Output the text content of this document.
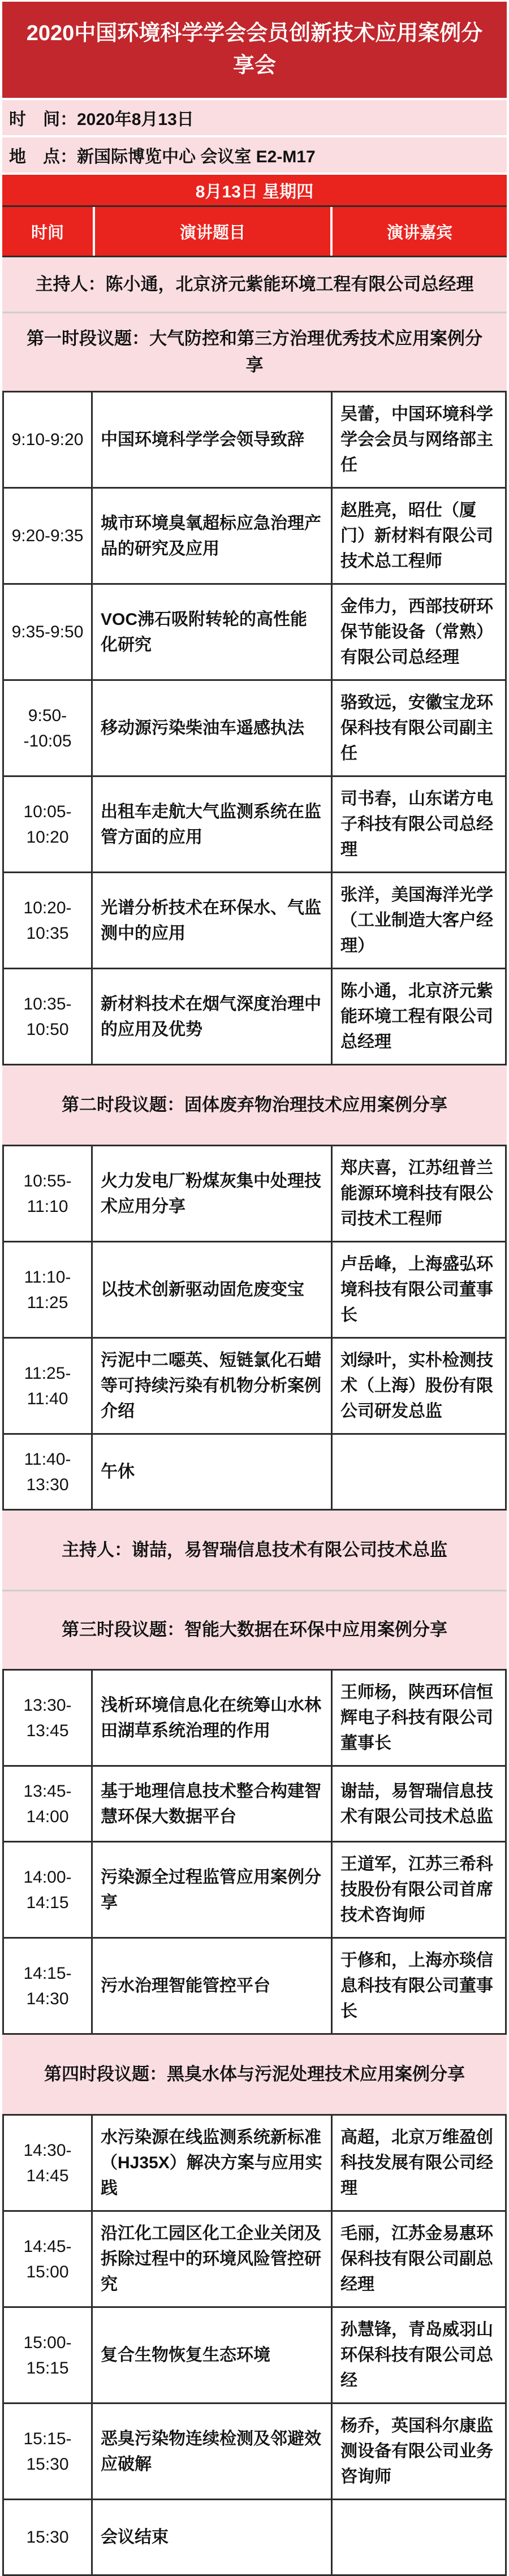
2020中国环境科学学会会员创新技术应用案例分享会
时　间：2020年8月13日
地　点：新国际博览中心 会议室 E2-M17
8月13日 星期四
时间	演讲题目	演讲嘉宾
主持人：陈小通，北京济元紫能环境工程有限公司总经理
第一时段议题：大气防控和第三方治理优秀技术应用案例分享
9:10-9:20 中国环境科学学会领导致辞
吴蕾，中国环境科学学会会员与网络部主任
9:20-9:35
城市环境臭氧超标应急治理产品的研究及应用
赵胜亮，昭仕（厦门）新材料有限公司技术总工程师
9:35-9:50
VOC沸石吸附转轮的高性能化研究
金伟力，西部技研环保节能设备（常熟）有限公司总经理
9:50--10:05
移动源污染柴油车遥感执法
骆致远，安徽宝龙环保科技有限公司副主任
10:05-10:20
出租车走航大气监测系统在监管方面的应用
司书春，山东诺方电子科技有限公司总经理
10:20-10:35
光谱分析技术在环保水、气监测中的应用
张洋，美国海洋光学（工业制造大客户经理）
10:35-10:50
新材料技术在烟气深度治理中的应用及优势
陈小通，北京济元紫能环境工程有限公司总经理
第二时段议题：固体废弃物治理技术应用案例分享
10:55-11:10
火力发电厂粉煤灰集中处理技术应用分享
郑庆喜，江苏纽普兰能源环境科技有限公司技术工程师
11:10-11:25
以技术创新驱动固危废变宝
卢岳峰，上海盛弘环境科技有限公司董事长
11:25-11:40
污泥中二噁英、短链氯化石蜡等可持续污染有机物分析案例介绍
刘绿叶，实朴检测技术（上海）股份有限公司研发总监
11:40-13:30
午休
主持人：谢喆，易智瑞信息技术有限公司技术总监
第三时段议题：智能大数据在环保中应用案例分享
13:30-13:45
浅析环境信息化在统筹山水林田湖草系统治理的作用
王师杨，陕西环信恒辉电子科技有限公司董事长
13:45-14:00
基于地理信息技术整合构建智慧环保大数据平台
谢喆，易智瑞信息技术有限公司技术总监
14:00-14:15
污染源全过程监管应用案例分享
王道军，江苏三希科技股份有限公司首席技术咨询师
14:15-14:30
污水治理智能管控平台
于修和，上海亦琰信息科技有限公司董事长
第四时段议题：黑臭水体与污泥处理技术应用案例分享
14:30-14:45
水污染源在线监测系统新标准（HJ35X）解决方案与应用实践
高超，北京万维盈创科技发展有限公司经理
14:45-15:00
沿江化工园区化工企业关闭及拆除过程中的环境风险管控研究
毛丽，江苏金易惠环保科技有限公司副总经理
15:00-15:15
复合生物恢复生态环境
孙慧锋，青岛威羽山环保科技有限公司总经
15:15-15:30
恶臭污染物连续检测及邻避效应破解
杨乔，英国科尔康监测设备有限公司业务咨询师
15:30 会议结束
